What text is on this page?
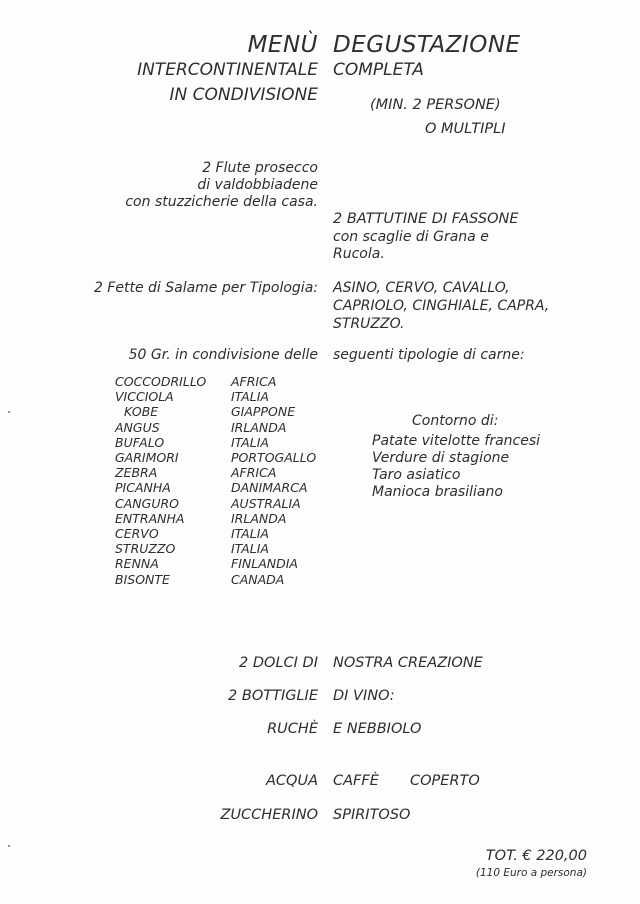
MENÙ DEGUSTAZIONE
INTERCONTINENTALE COMPLETA
IN CONDIVISIONE	(MIN. 2 PERSONE)
O MULTIPLI
2 Flute prosecco
di valdobbiadene
con stuzzicherie della casa.
2 BATTUTINE DI FASSONE
con scaglie di Grana e
Rucola.
2 Fette di Salame per Tipologia: ASINO, CERVO, CAVALLO,
CAPRIOLO, CINGHIALE, CAPRA,
STRUZZO.
50 Gr. in condivisione delle seguenti tipologie di carne:
COCCODRILLO AFRICA
VICCIOLA	ITALIA
KOBE	GIAPPONE
ANGUS	IRLANDA
BUFALO	ITALIA
GARIMORI	PORTOGALLO
ZEBRA	AFRICA
PICANHA	DANIMARCA
CANGURO	AUSTRALIA
ENTRANHA	IRLANDA
CERVO	ITALIA
STRUZZO	ITALIA
RENNA	FINLANDIA
BISONTE	CANADA
Contorno di:
Patate vitelotte francesi
Verdure di stagione
Taro asiatico
Manioca brasiliano
2 DOLCI DI NOSTRA CREAZIONE
2 BOTTIGLIE DI VINO:
RUCHÈ E NEBBIOLO
ACQUA CAFFÈ COPERTO
ZUCCHERINO SPIRITOSO
TOT. € 220,00
(110 Euro a persona)
